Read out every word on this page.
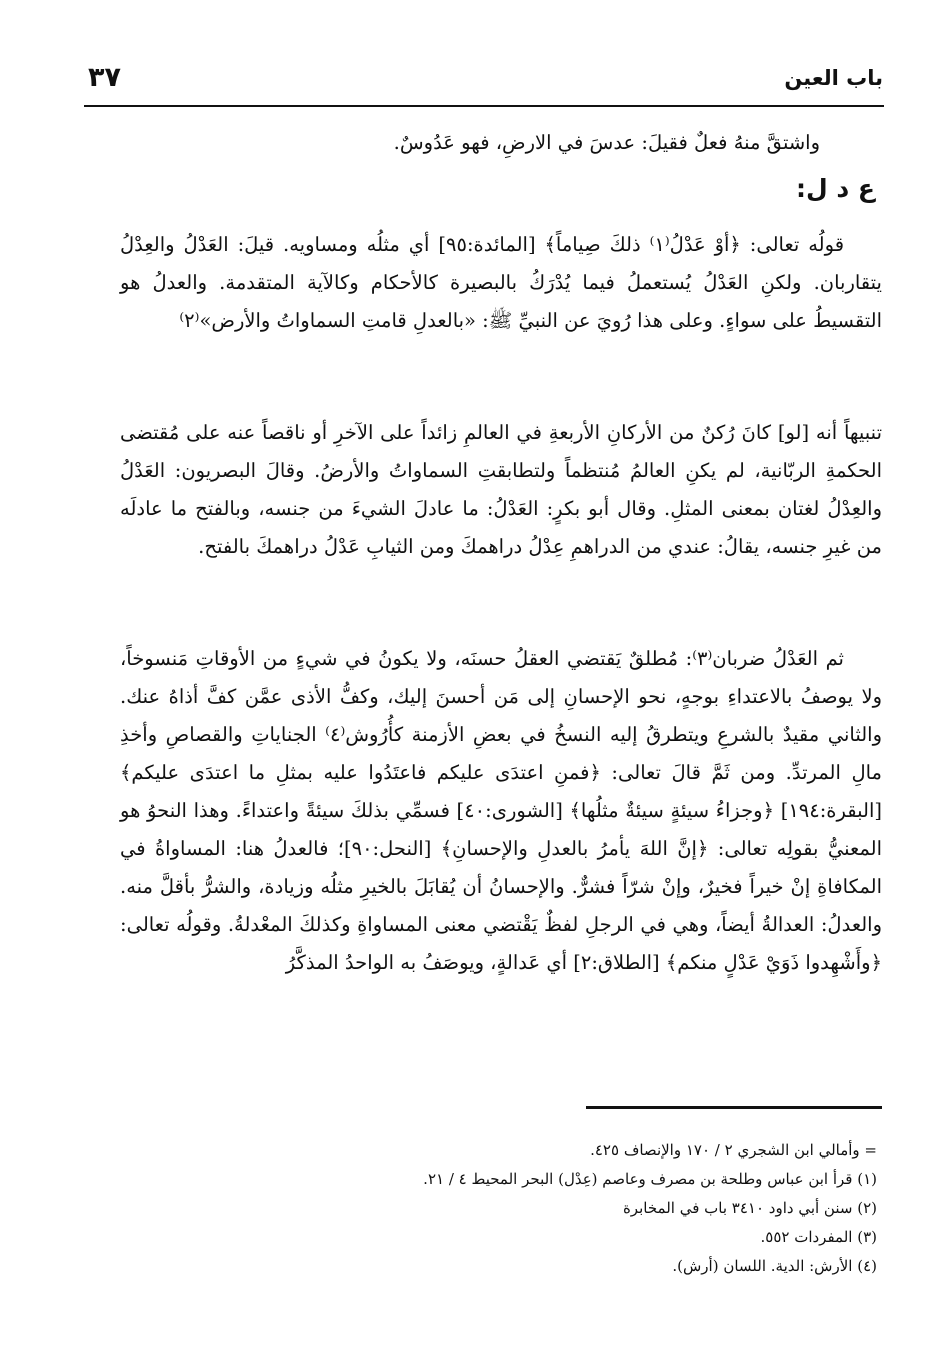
باب العين
٣٧
واشتقَّ منهُ فعلٌ فقيلَ: عدسَ في الارضِ، فهو عَدُوسٌ.
ع د ل:
قولُه تعالى: ﴿أوْ عَدْلُ⁽١⁾ ذلكَ صِياماً﴾ [المائدة:٩٥] أي مثلُه ومساويه. قيلَ: العَدْلُ والعِدْلُ يتقاربان. ولكنِ العَدْلُ يُستعملُ فيما يُدْرَكُ بالبصيرة كالأحكام وكالآية المتقدمة. والعدلُ هو التقسيطُ على سواءٍ. وعلى هذا رُويَ عن النبيِّ ﷺ: «بالعدلِ قامتِ السماواتُ والأرض»⁽٢⁾
تنبيهاً أنه [لو] كانَ رُكنٌ من الأركانِ الأربعةِ في العالمِ زائداً على الآخرِ أو ناقصاً عنه على مُقتضى الحكمةِ الربّانية، لم يكنِ العالمُ مُنتظماً ولتطابقتِ السماواتُ والأرضُ. وقالَ البصريون: العَدْلُ والعِدْلُ لغتان بمعنى المثلِ. وقال أبو بكرٍ: العَدْلُ: ما عادلَ الشيءَ من جنسه، وبالفتح ما عادلَه من غيرِ جنسه، يقالُ: عندي من الدراهمِ عِدْلُ دراهمكَ ومن الثيابِ عَدْلُ دراهمكَ بالفتح.
ثم العَدْلُ ضربان⁽٣⁾: مُطلقٌ يَقتضي العقلُ حسنَه، ولا يكونُ في شيءٍ من الأوقاتِ مَنسوخاً، ولا يوصفُ بالاعتداءِ بوجهٍ، نحو الإحسانِ إلى مَن أحسنَ إليك، وكفُّ الأذى عمَّن كفَّ أذاهُ عنك. والثاني مقيدٌ بالشرعِ ويتطرقُ إليه النسخُ في بعضِ الأزمنة كأُرُوش⁽٤⁾ الجناياتِ والقصاصِ وأخذِ مالِ المرتدِّ. ومن ثَمَّ قالَ تعالى: ﴿فمنِ اعتدَى عليكم فاعتَدُوا عليه بمثلِ ما اعتدَى عليكم﴾ [البقرة:١٩٤] ﴿وجزاءُ سيئةٍ سيئةٌ مثلُها﴾ [الشورى:٤٠] فسمِّي بذلكَ سيئةً واعتداءً. وهذا النحوُ هو المعنيُّ بقولِه تعالى: ﴿إنَّ اللهَ يأمرُ بالعدلِ والإحسانِ﴾ [النحل:٩٠]؛ فالعدلُ هنا: المساواةُ في المكافاةِ إنْ خيراً فخيرٌ، وإنْ شرّاً فشرٌّ. والإحسانُ أن يُقابَلَ بالخيرِ مثلُه وزيادة، والشرُّ بأقلَّ منه. والعدلُ: العدالةُ أيضاً، وهي في الرجلِ لفظٌ يَقْتضي معنى المساواةِ وكذلكَ المعْدلةُ. وقولُه تعالى: ﴿وأَشْهِدوا ذَوَيْ عَدْلٍ منكم﴾ [الطلاق:٢] أي عَدالةٍ، ويوصَفُ به الواحدُ المذكَّرُ
= وأمالي ابن الشجري ٢ / ١٧٠ والإنصاف ٤٢٥.
(١) قرأ ابن عباس وطلحة بن مصرف وعاصم (عِدْل) البحر المحيط ٤ / ٢١.
(٢) سنن أبي داود ٣٤١٠ باب في المخابرة
(٣) المفردات ٥٥٢.
(٤) الأرش: الدية. اللسان (أرش).
